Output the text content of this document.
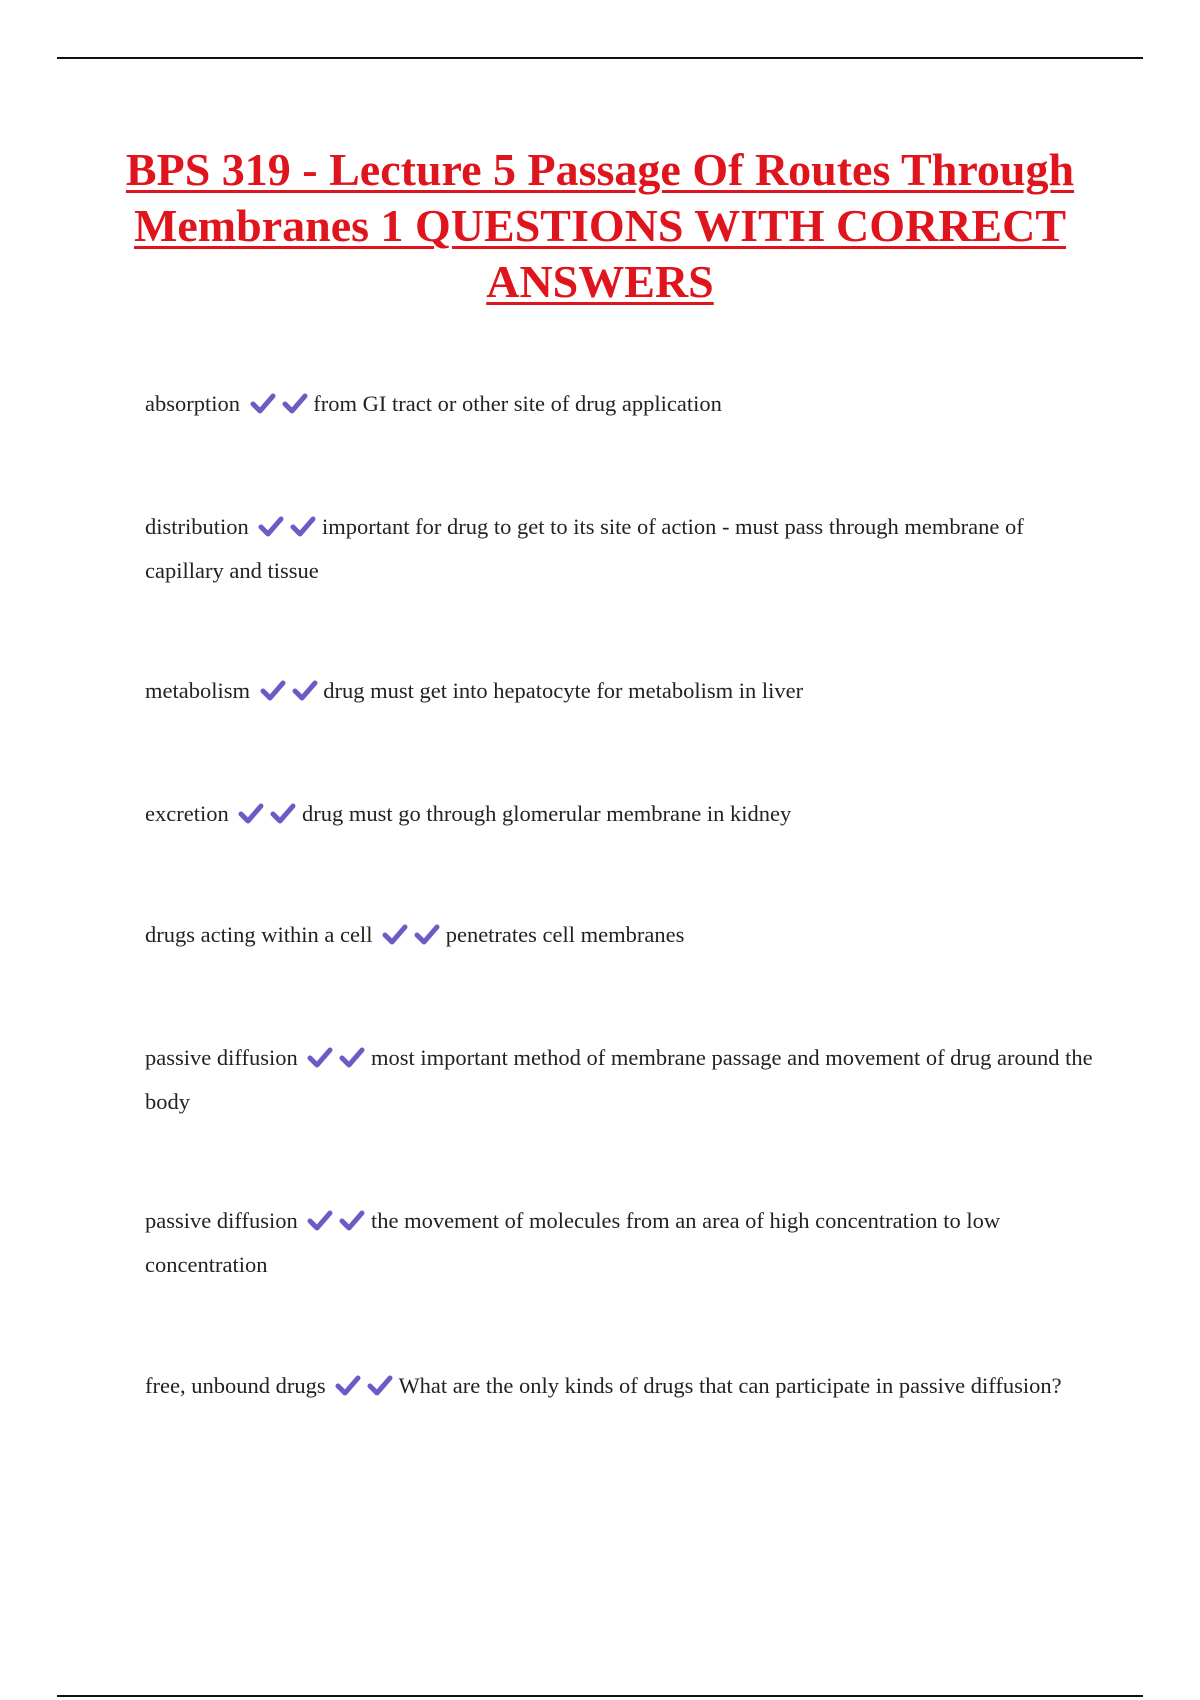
BPS 319 - Lecture 5 Passage Of Routes Through Membranes 1 QUESTIONS WITH CORRECT ANSWERS

absorption	from GI tract or other site of drug application

distribution	important for drug to get to its site of action - must pass through membrane of capillary and tissue

metabolism	drug must get into hepatocyte for metabolism in liver

excretion	drug must go through glomerular membrane in kidney

drugs acting within a cell	penetrates cell membranes

passive diffusion	most important method of membrane passage and movement of drug around the body

passive diffusion	the movement of molecules from an area of high concentration to low concentration

free, unbound drugs	What are the only kinds of drugs that can participate in passive diffusion?
